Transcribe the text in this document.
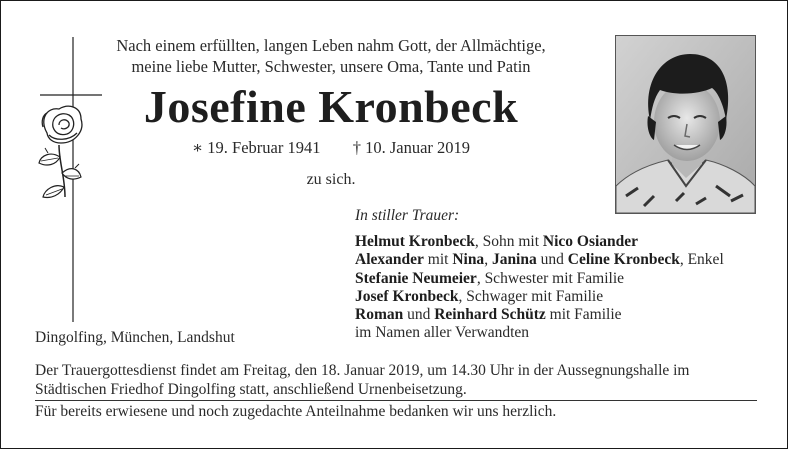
Nach einem erfüllten, langen Leben nahm Gott, der Allmächtige,
meine liebe Mutter, Schwester, unsere Oma, Tante und Patin
Josefine Kronbeck
∗ 19. Februar 1941 † 10. Januar 2019
zu sich.
In stiller Trauer:
Helmut Kronbeck, Sohn mit Nico Osiander
Alexander mit Nina, Janina und Celine Kronbeck, Enkel
Stefanie Neumeier, Schwester mit Familie
Josef Kronbeck, Schwager mit Familie
Roman und Reinhard Schütz mit Familie
im Namen aller Verwandten
Dingolfing, München, Landshut
Der Trauergottesdienst findet am Freitag, den 18. Januar 2019, um 14.30 Uhr in der Aussegnungshalle im
Städtischen Friedhof Dingolfing statt, anschließend Urnenbeisetzung.
Für bereits erwiesene und noch zugedachte Anteilnahme bedanken wir uns herzlich.
